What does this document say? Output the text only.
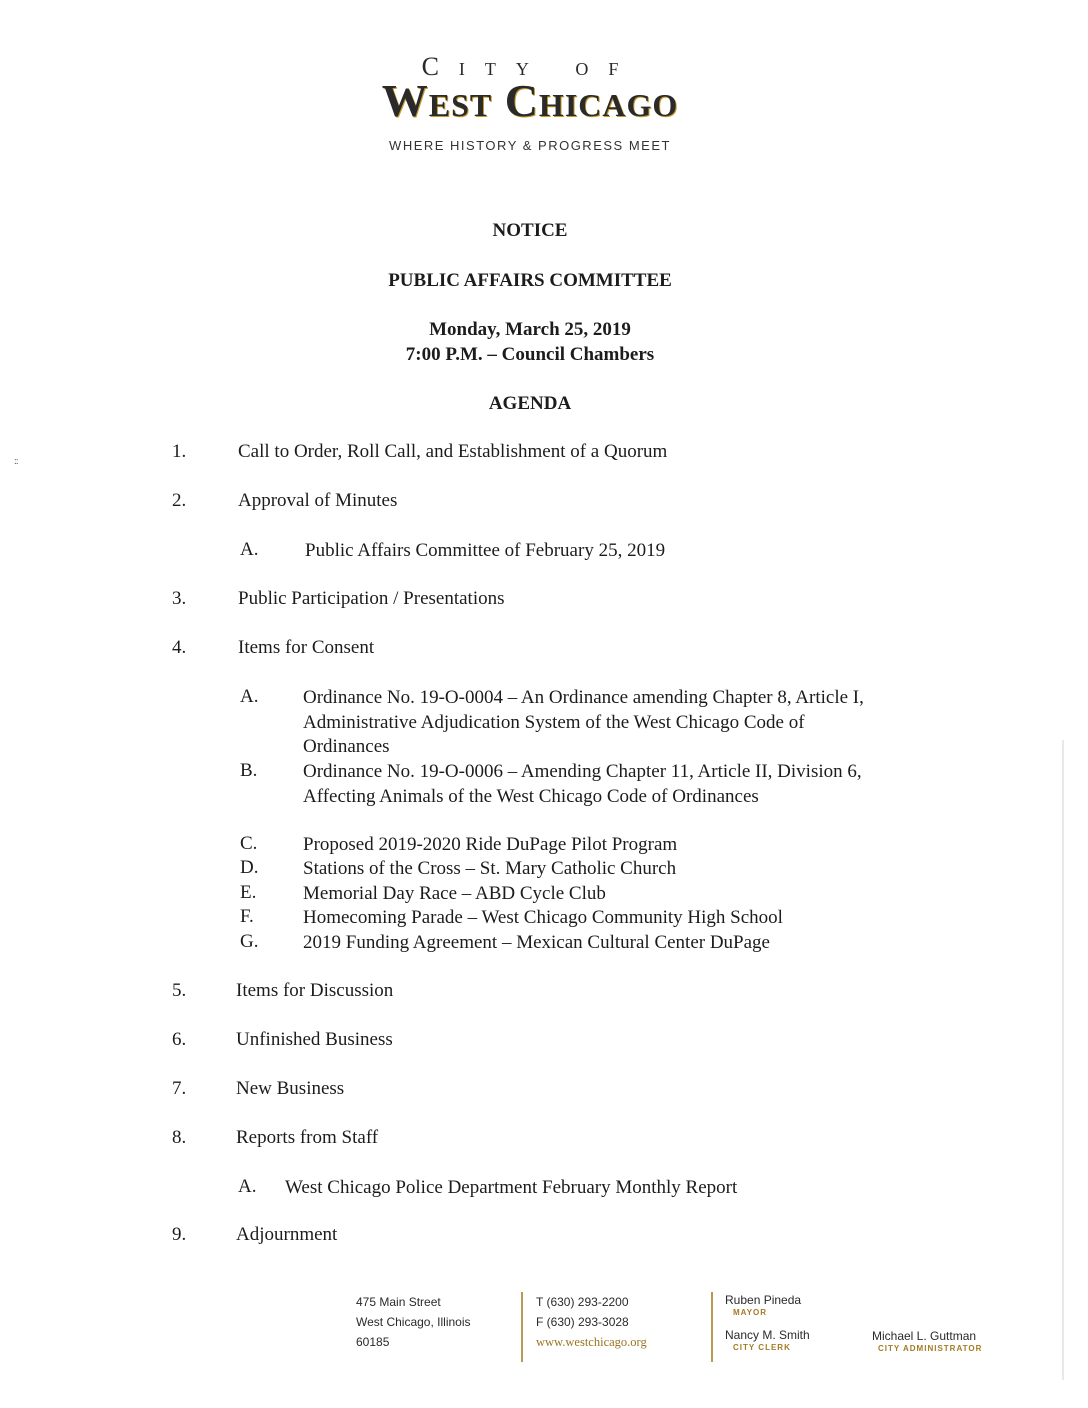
City of
West Chicago
WHERE HISTORY & PROGRESS MEET
NOTICE
PUBLIC AFFAIRS COMMITTEE
Monday, March 25, 2019
7:00 P.M. – Council Chambers
AGENDA
::	1.	Call to Order, Roll Call, and Establishment of a Quorum
2.	Approval of Minutes
A. Public Affairs Committee of February 25, 2019
3.	Public Participation / Presentations
4.	Items for Consent
A. Ordinance No. 19-O-0004 – An Ordinance amending Chapter 8, Article I, Administrative Adjudication System of the West Chicago Code of Ordinances
B. Ordinance No. 19-O-0006 – Amending Chapter 11, Article II, Division 6, Affecting Animals of the West Chicago Code of Ordinances
C. Proposed 2019-2020 Ride DuPage Pilot Program
D. Stations of the Cross – St. Mary Catholic Church
E. Memorial Day Race – ABD Cycle Club
F.	Homecoming Parade – West Chicago Community High School
G. 2019 Funding Agreement – Mexican Cultural Center DuPage
5.	Items for Discussion
6.	Unfinished Business
7.	New Business
8.	Reports from Staff
A. West Chicago Police Department February Monthly Report
9.	Adjournment
475 Main Street
West Chicago, Illinois
60185
T (630) 293-2200
F (630) 293-3028
www.westchicago.org
Ruben Pineda
MAYOR
Nancy M. Smith
CITY CLERK
Michael L. Guttman
CITY ADMINISTRATOR
